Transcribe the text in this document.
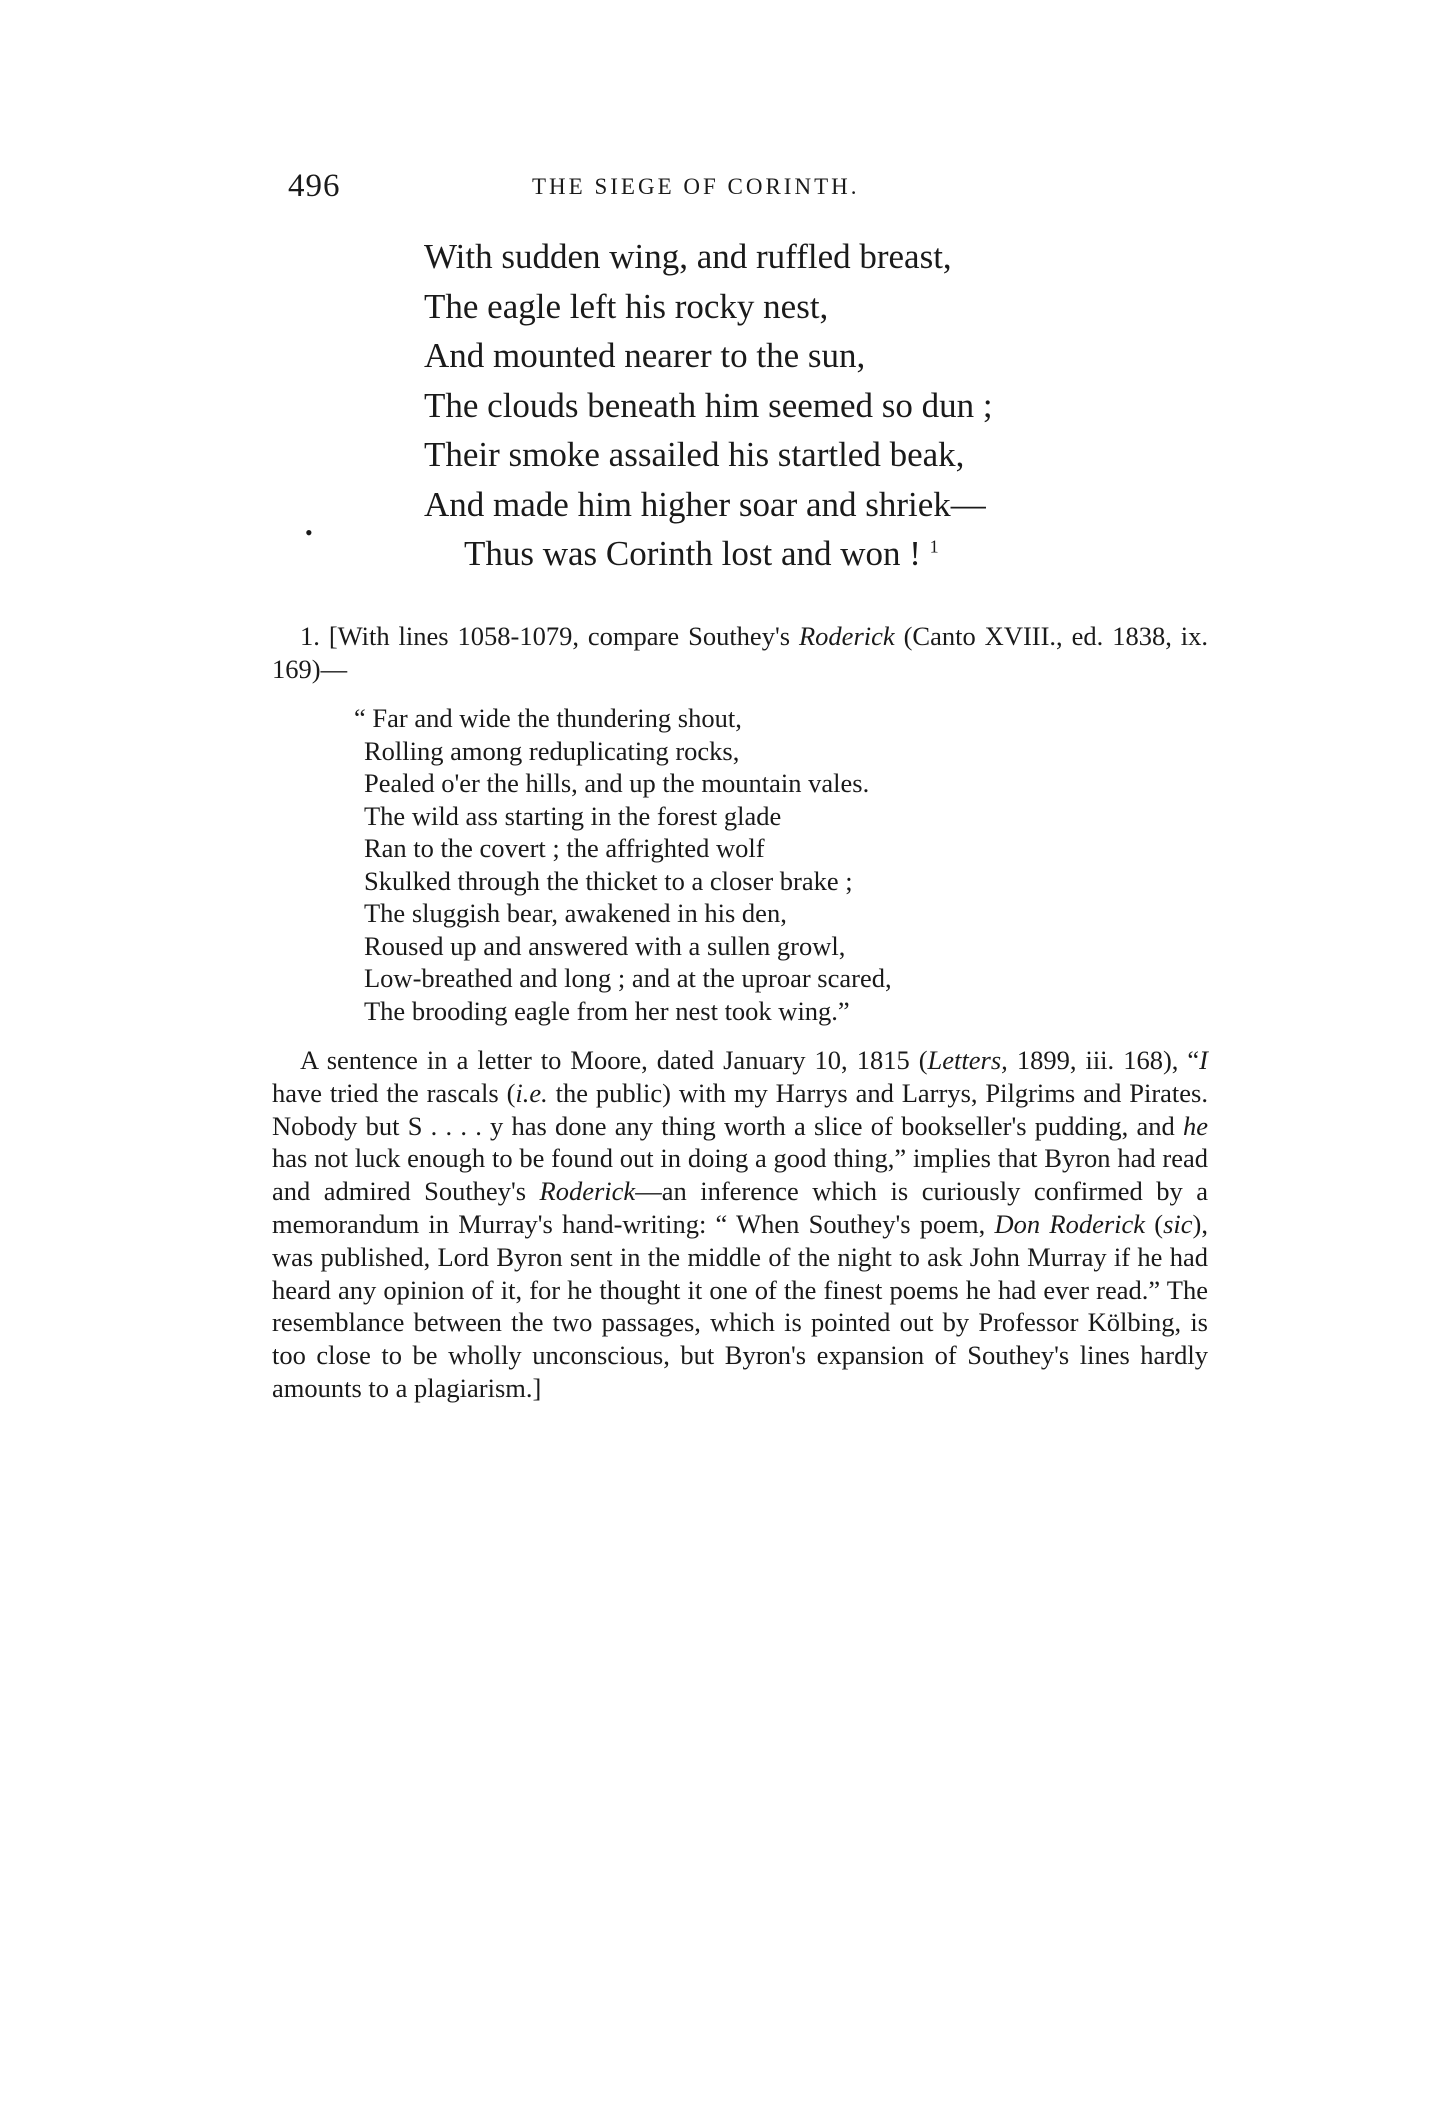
496	THE SIEGE OF CORINTH.
With sudden wing, and ruffled breast,
The eagle left his rocky nest,
And mounted nearer to the sun,
The clouds beneath him seemed so dun ;
Their smoke assailed his startled beak,
And made him higher soar and shriek—
Thus was Corinth lost and won ! $^1$
•
1. [With lines 1058-1079, compare Southey's Roderick (Canto XVIII., ed. 1838, ix. 169)—
“ Far and wide the thundering shout,
Rolling among reduplicating rocks,
Pealed o'er the hills, and up the mountain vales.
The wild ass starting in the forest glade
Ran to the covert ; the affrighted wolf
Skulked through the thicket to a closer brake ;
The sluggish bear, awakened in his den,
Roused up and answered with a sullen growl,
Low-breathed and long ; and at the uproar scared,
The brooding eagle from her nest took wing.”
A sentence in a letter to Moore, dated January 10, 1815 (Letters, 1899, iii. 168), “I have tried the rascals (i.e. the public) with my Harrys and Larrys, Pilgrims and Pirates. Nobody but S . . . . y has done any thing worth a slice of bookseller's pudding, and he has not luck enough to be found out in doing a good thing,” implies that Byron had read and admired Southey's Roderick—an inference which is curiously confirmed by a memorandum in Murray's hand-writing: “ When Southey's poem, Don Roderick (sic), was published, Lord Byron sent in the middle of the night to ask John Murray if he had heard any opinion of it, for he thought it one of the finest poems he had ever read.” The resemblance between the two passages, which is pointed out by Professor Kölbing, is too close to be wholly unconscious, but Byron's expansion of Southey's lines hardly amounts to a plagiarism.]
